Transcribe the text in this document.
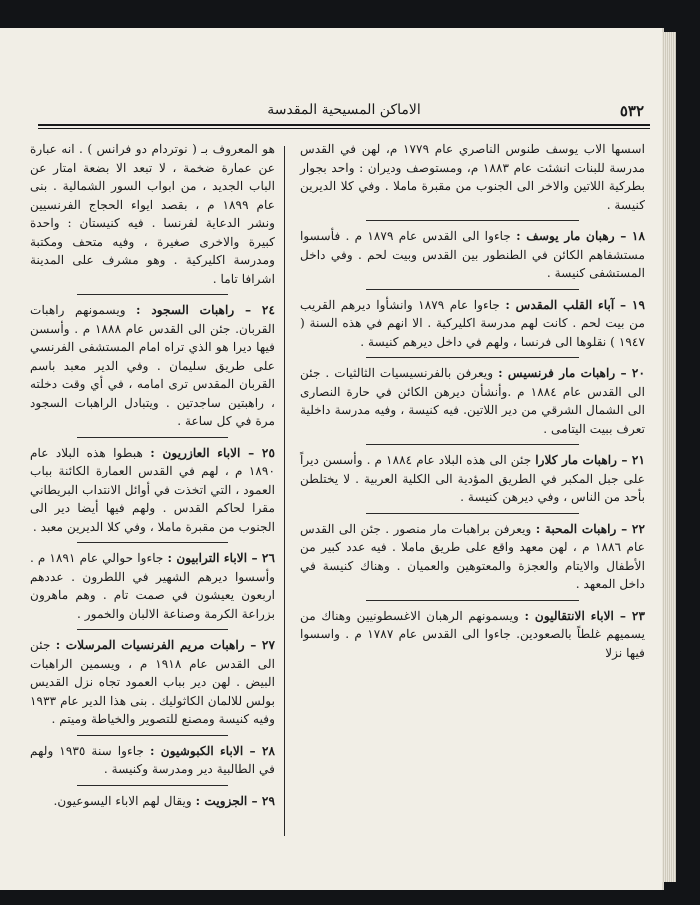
٥٣٢
الاماكن المسيحية المقدسة

اسسها الاب يوسف طنوس الناصري عام ١٧٧٩ م، لهن في القدس مدرسة للبنات انشئت عام ١٨٨٣ م، ومستوصف وديران : واحد بجوار بطركية اللاتين والاخر الى الجنوب من مقبرة ماملا . وفي كلا الديرين كنيسة .

١٨ – رهبان مار يوسف : جاءوا الى القدس عام ١٨٧٩ م . فأسسوا مستشفاهم الكائن في الطنطور بين القدس وبيت لحم . وفي داخل المستشفى كنيسة .

١٩ – آباء القلب المقدس : جاءوا عام ١٨٧٩ وانشأوا ديرهم القريب من بيت لحم . كانت لهم مدرسة اكليركية . الا انهم في هذه السنة ( ١٩٤٧ ) نقلوها الى فرنسا ، ولهم في داخل ديرهم كنيسة .

٢٠ – راهبات مار فرنسيس : ويعرفن بالفرنسيسيات الثالثيات . جئن الى القدس عام ١٨٨٤ م .وأنشأن ديرهن الكائن في حارة النصارى الى الشمال الشرقي من دير اللاتين. فيه كنيسة ، وفيه مدرسة داخلية تعرف ببيت اليتامى .

٢١ – راهبات مار كلارا جئن الى هذه البلاد عام ١٨٨٤ م . وأسسن ديراً على جبل المكبر في الطريق المؤدية الى الكلية العربية . لا يختلطن بأحد من الناس ، وفي ديرهن كنيسة .

٢٢ – راهبات المحبة : ويعرفن براهبات مار منصور . جئن الى القدس عام ١٨٨٦ م ، لهن معهد واقع على طريق ماملا . فيه عدد كبير من الأطفال والايتام والعجزة والمعتوهين والعميان . وهناك كنيسة في داخل المعهد .

٢٣ – الاباء الانتقاليون : ويسمونهم الرهبان الاغسطونيين وهناك من يسميهم غلطاً بالصعودين. جاءوا الى القدس عام ١٧٨٧ م . واسسوا فيها نزلا

هو المعروف بـ ( نوتردام دو فرانس ) . انه عبارة عن عمارة ضخمة ، لا تبعد الا بضعة امتار عن الباب الجديد ، من ابواب السور الشمالية . بنى عام ١٨٩٩ م ، بقصد ايواء الحجاج الفرنسيين ونشر الدعاية لفرنسا . فيه كنيستان : واحدة كبيرة والاخرى صغيرة ، وفيه متحف ومكتبة ومدرسة اكليركية . وهو مشرف على المدينة اشرافا تاما .

٢٤ – راهبات السجود : ويسمونهم راهبات القربان. جئن الى القدس عام ١٨٨٨ م . وأسسن فيها ديرا هو الذي تراه امام المستشفى الفرنسي على طريق سليمان . وفي الدير معبد باسم القربان المقدس ترى امامه ، في أي وقت دخلته ، راهبتين ساجدتين . ويتبادل الراهبات السجود مرة في كل ساعة .

٢٥ – الاباء العازريون : هبطوا هذه البلاد عام ١٨٩٠ م ، لهم في القدس العمارة الكائنة بباب العمود ، التي اتخذت في أوائل الانتداب البريطاني مقرا لحاكم القدس . ولهم فيها أيضا دير الى الجنوب من مقبرة ماملا ، وفي كلا الديرين معبد .

٢٦ – الاباء الترابيون : جاءوا حوالي عام ١٨٩١ م . وأسسوا ديرهم الشهير في اللطرون . عددهم اربعون يعيشون في صمت تام . وهم ماهرون بزراعة الكرمة وصناعة الالبان والخمور .

٢٧ – راهبات مريم الفرنسيات المرسلات : جئن الى القدس عام ١٩١٨ م ، ويسمين الراهبات البيض . لهن دير بباب العمود تجاه نزل القديس بولس للالمان الكاثوليك . بنى هذا الدير عام ١٩٣٣ وفيه كنيسة ومصنع للتصوير والخياطة وميتم .

٢٨ – الاباء الكبوشيون : جاءوا سنة ١٩٣٥ ولهم في الطالبية دير ومدرسة وكنيسة .

٢٩ – الجزويت : ويقال لهم الاباء اليسوعيون.
